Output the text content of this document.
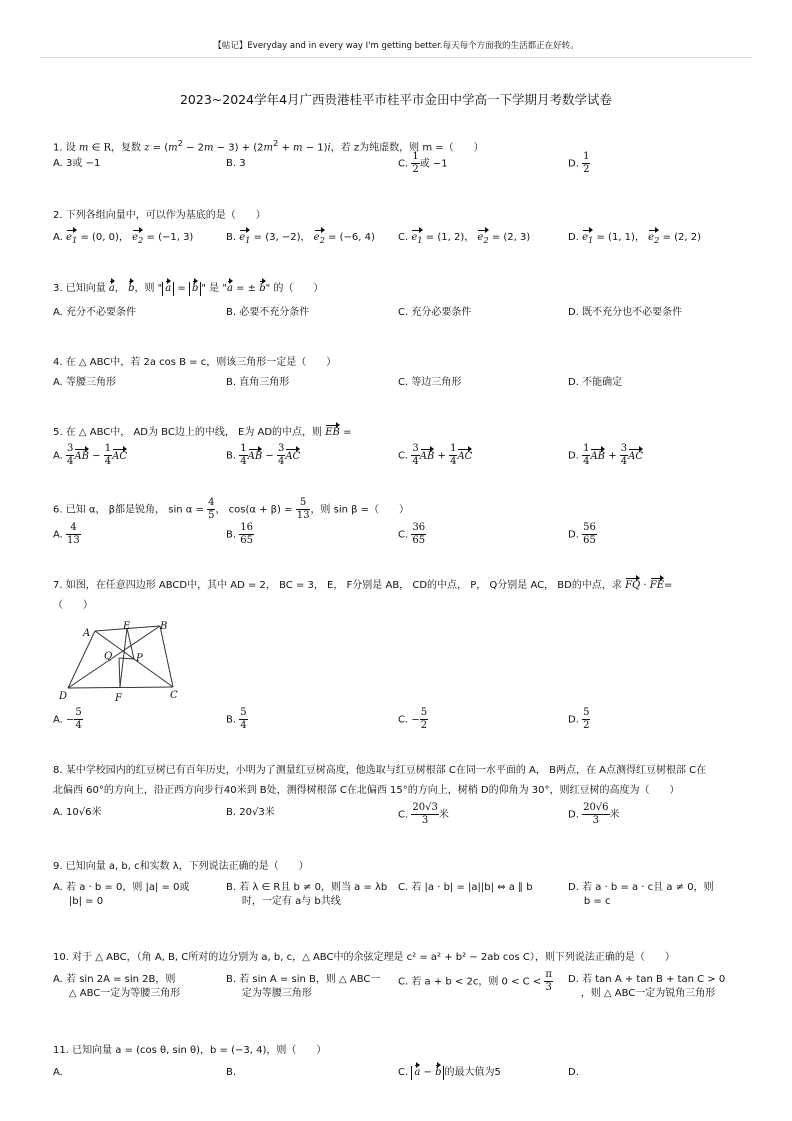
【帖记】Everyday and in every way I'm getting better.每天每个方面我的生活都正在好转。
2023~2024学年4月广西贵港桂平市桂平市金田中学高一下学期月考数学试卷
1. 设 m ∈ R，复数 $z = (m^2 - 2m - 3) + (2m^2 + m - 1)i$，若 z为纯虚数，则 m =（　　）
A. 3或 −1	B. 3	C. $\frac{1}{2}$ 或 −1	D. $\frac{1}{2}$
2. 下列各组向量中，可以作为基底的是（　　）
A. $e_1 = (0$, 0)， $e_2 = (-1$, 3)	B. $e_1 = (3$, −2)， $e_2 = (-6$, 4) C. $e_1 = (1$, 2)， $e_2 = (2$, 3)	D. $e_1 = (1$, 1)， $e_2 = (2$, 2)
3. 已知向量 a， b，则 " a = b " 是 "a = ± b" 的（　　）
A. 充分不必要条件	B. 必要不充分条件	C. 充分必要条件	D. 既不充分也不必要条件
4. 在 △ ABC中，若 2a cos B = c，则该三角形一定是（　　）
A. 等腰三角形	B. 直角三角形	C. 等边三角形	D. 不能确定
5. 在 △ ABC中， AD为 BC边上的中线， E为 AD的中点，则 EB =
A. $\frac{3}{4}$ AB − $\frac{1}{4}$ AC	B. $\frac{1}{4}$ AB − $\frac{3}{4}$ AC	C. $\frac{3}{4}$ AB + $\frac{1}{4}$ AC	D. $\frac{1}{4}$ AB + $\frac{3}{4}$ AC
6. 已知 α， β都是锐角， $\sin \alpha = \frac{4}{5}$ ， $\cos(\alpha + \beta) = \frac{5}{13}$ ，则 sin β =（　　）
A. $\frac{4}{13}$	B. $\frac{16}{65}$	C. $\frac{36}{65}$	D. $\frac{56}{65}$
7. 如图，在任意四边形 ABCD中，其中 AD = 2， BC = 3， E， F分别是 AB， CD的中点， P， Q分别是 AC， BD的中点，求 FQ · FE=
（　　）
A
E	B
Q P
D	F	C
A. − $\frac{5}{4}$	B. $\frac{5}{4}$	C. − $\frac{5}{2}$	D. $\frac{5}{2}$
8. 某中学校园内的红豆树已有百年历史，小明为了测量红豆树高度，他选取与红豆树根部 C在同一水平面的 A， B两点，在 A点测得红豆树根部 C在
北偏西 60°的方向上，沿正西方向步行40米到 B处，测得树根部 C在北偏西 15°的方向上，树梢 D的仰角为 30°，则红豆树的高度为（　　）
A. 10√6米	B. 20√3米	C. $\frac{20√3}{3}$ 米	D. $\frac{20√6}{3}$ 米
9. 已知向量 a, b, c和实数 λ，下列说法正确的是（　　）
A. 若 a · b = 0，则 |a| = 0或
|b| = 0
B. 若 λ ∈ R且 b ≠ 0，则当 a = λb
时，一定有 a与 b共线
C. 若 |a · b| = |a||b| ⇔ a ∥ b	D. 若 a · b = a · c且 a ≠ 0，则
b = c
10. 对于 △ ABC，（角 A, B, C所对的边分别为 a, b, c，△ ABC中的余弦定理是 c² = a² + b² − 2ab cos C），则下列说法正确的是（　　）
A. 若 sin 2A = sin 2B，则
△ ABC一定为等腰三角形
B. 若 sin A = sin B，则 △ ABC一
定为等腰三角形
C. 若 a + b < 2c，则 $0 < C < \frac{\pi}{3} D$. 若 tan A + tan B + tan C > 0
，则 △ ABC一定为锐角三角形
11. 已知向量 a = (cos θ, sin θ)，b = (−3, 4)，则（　　）
A.	B.	C. a − b 的最大值为5	D.
